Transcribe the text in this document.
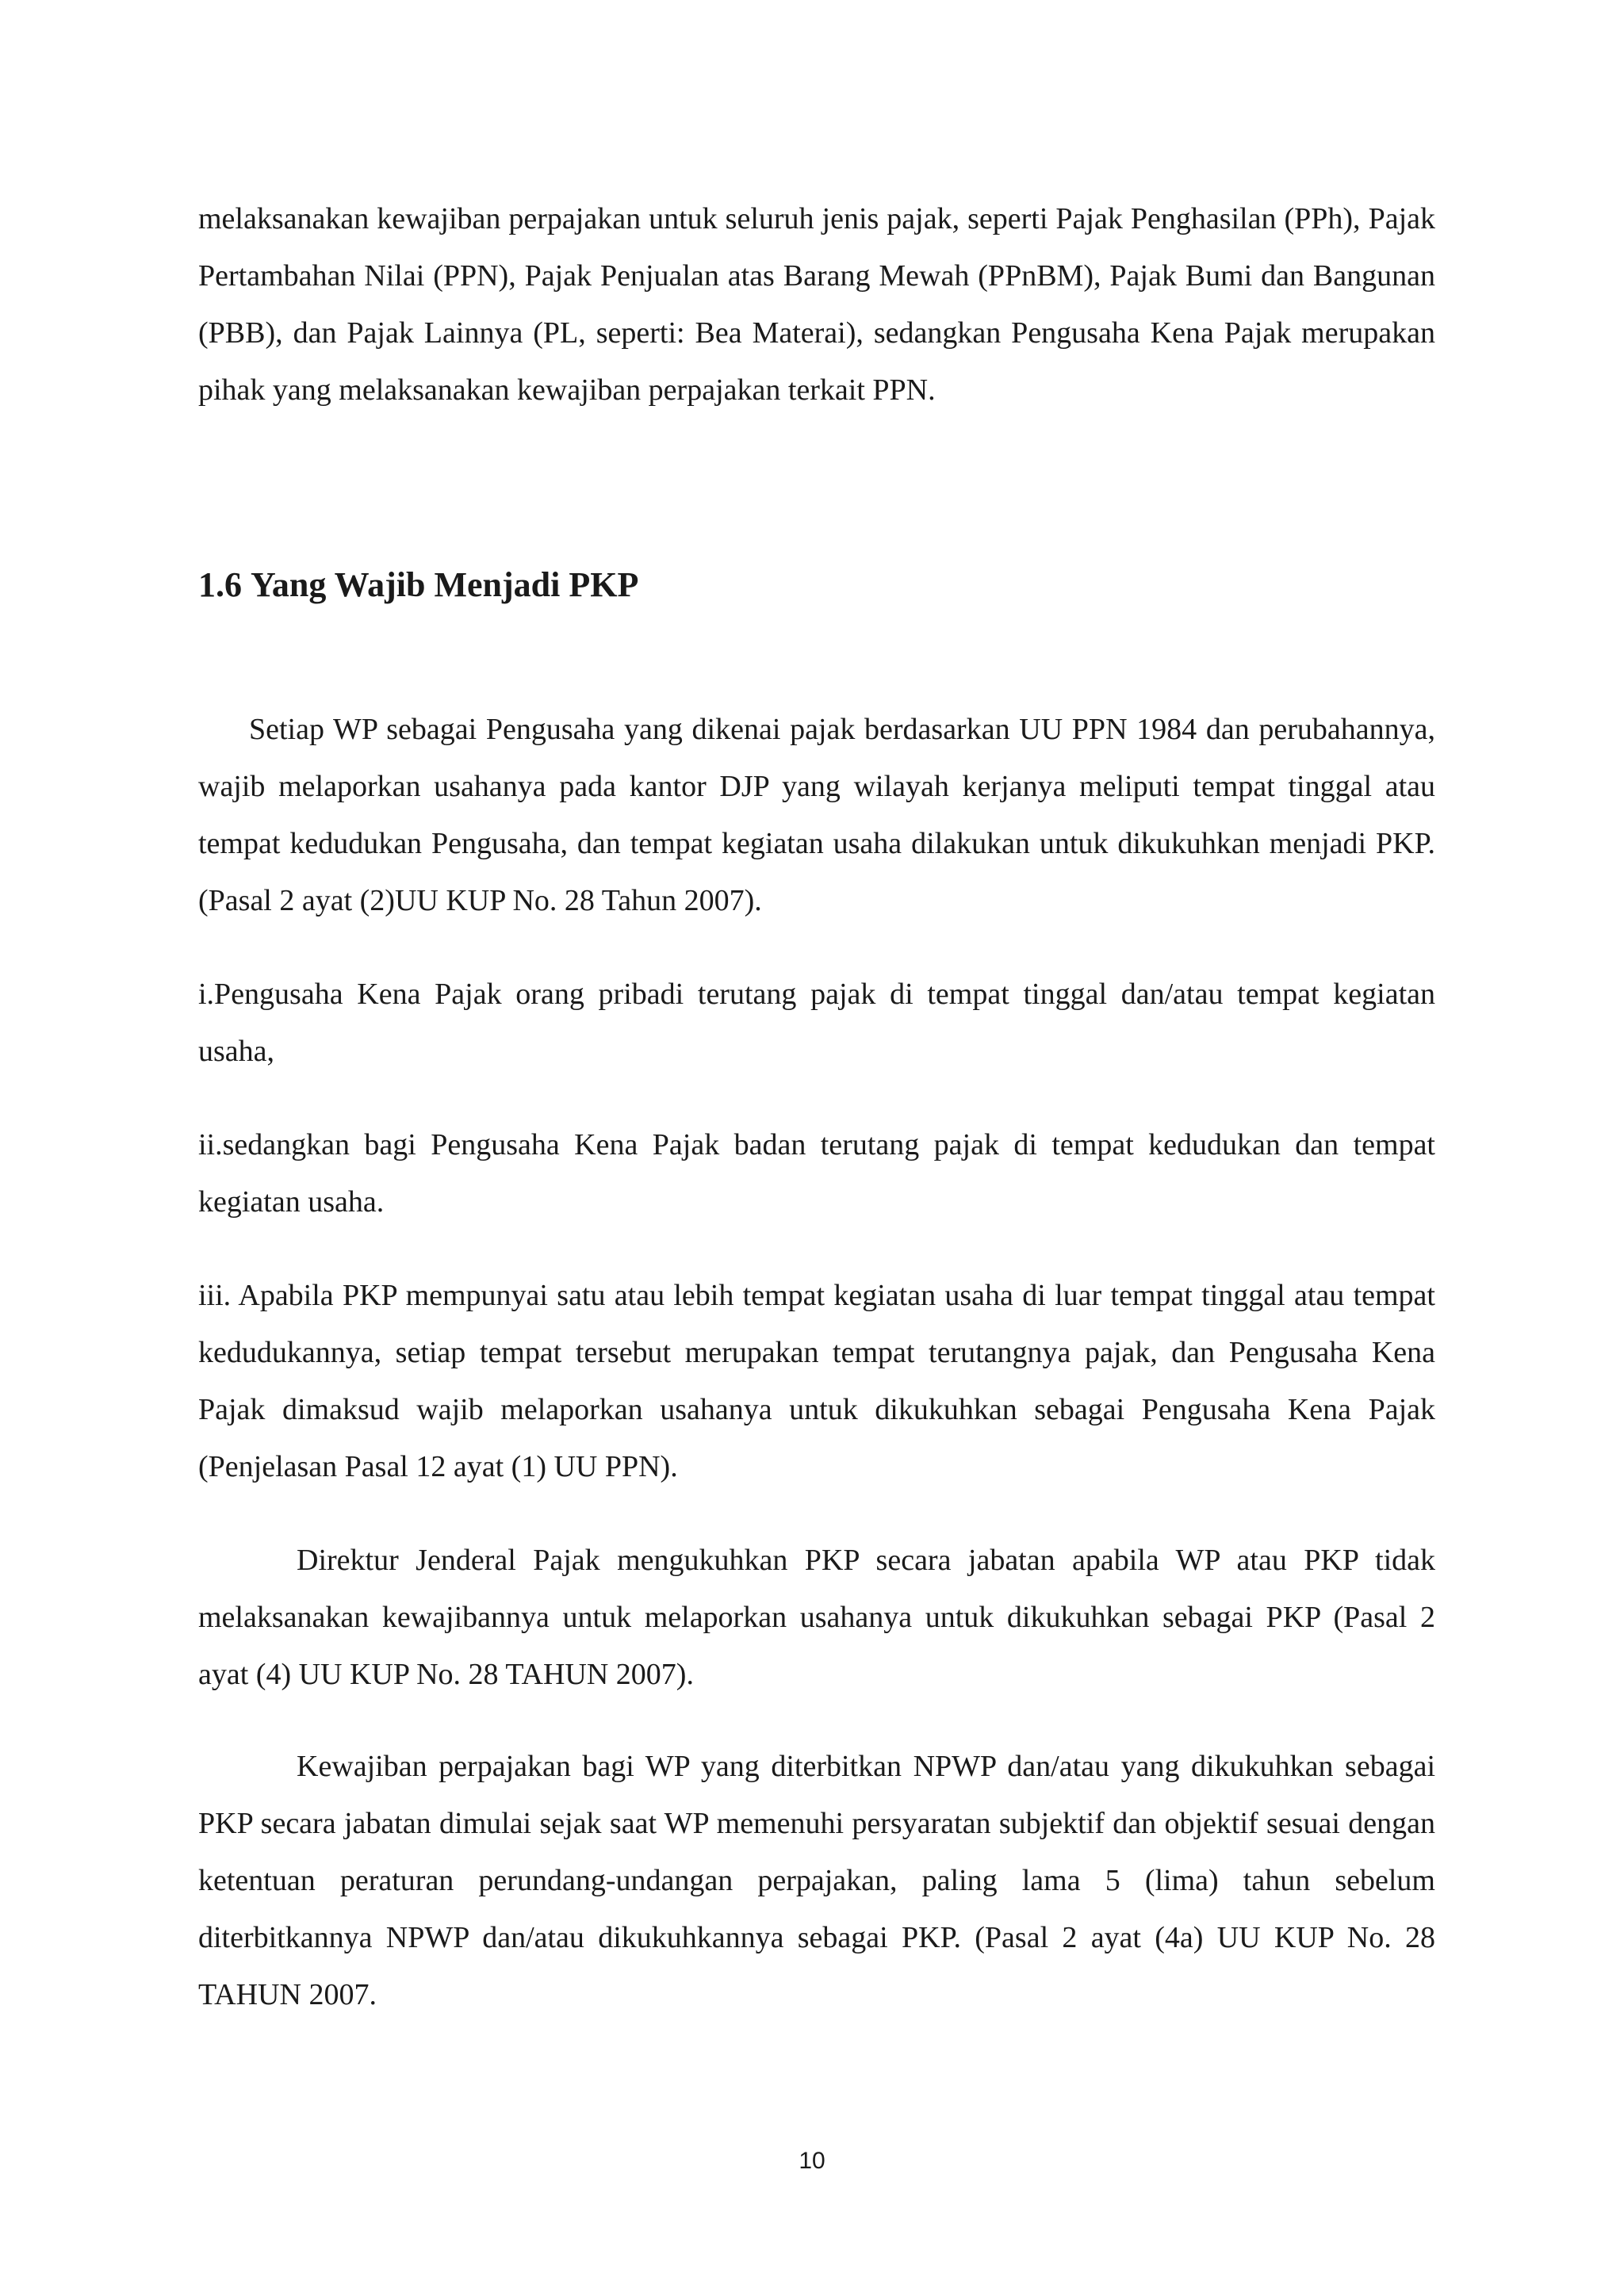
melaksanakan kewajiban perpajakan untuk seluruh jenis pajak, seperti Pajak Penghasilan (PPh), Pajak Pertambahan Nilai (PPN), Pajak Penjualan atas Barang Mewah (PPnBM), Pajak Bumi dan Bangunan (PBB), dan Pajak Lainnya (PL, seperti: Bea Materai), sedangkan Pengusaha Kena Pajak merupakan pihak yang melaksanakan kewajiban perpajakan terkait PPN.

1.6 Yang Wajib Menjadi PKP

Setiap WP sebagai Pengusaha yang dikenai pajak berdasarkan UU PPN 1984 dan perubahannya, wajib melaporkan usahanya pada kantor DJP yang wilayah kerjanya meliputi tempat tinggal atau tempat kedudukan Pengusaha, dan tempat kegiatan usaha dilakukan untuk dikukuhkan menjadi PKP. (Pasal 2 ayat (2)UU KUP No. 28 Tahun 2007).

i.Pengusaha Kena Pajak orang pribadi terutang pajak di tempat tinggal dan/atau tempat kegiatan usaha,

ii.sedangkan bagi Pengusaha Kena Pajak badan terutang pajak di tempat kedudukan dan tempat kegiatan usaha.

iii. Apabila PKP mempunyai satu atau lebih tempat kegiatan usaha di luar tempat tinggal atau tempat kedudukannya, setiap tempat tersebut merupakan tempat terutangnya pajak, dan Pengusaha Kena Pajak dimaksud wajib melaporkan usahanya untuk dikukuhkan sebagai Pengusaha Kena Pajak (Penjelasan Pasal 12 ayat (1) UU PPN).

Direktur Jenderal Pajak mengukuhkan PKP secara jabatan apabila WP atau PKP tidak melaksanakan kewajibannya untuk melaporkan usahanya untuk dikukuhkan sebagai PKP (Pasal 2 ayat (4) UU KUP No. 28 TAHUN 2007).

Kewajiban perpajakan bagi WP yang diterbitkan NPWP dan/atau yang dikukuhkan sebagai PKP secara jabatan dimulai sejak saat WP memenuhi persyaratan subjektif dan objektif sesuai dengan ketentuan peraturan perundang-undangan perpajakan, paling lama 5 (lima) tahun sebelum diterbitkannya NPWP dan/atau dikukuhkannya sebagai PKP. (Pasal 2 ayat (4a) UU KUP No. 28 TAHUN 2007.

10
